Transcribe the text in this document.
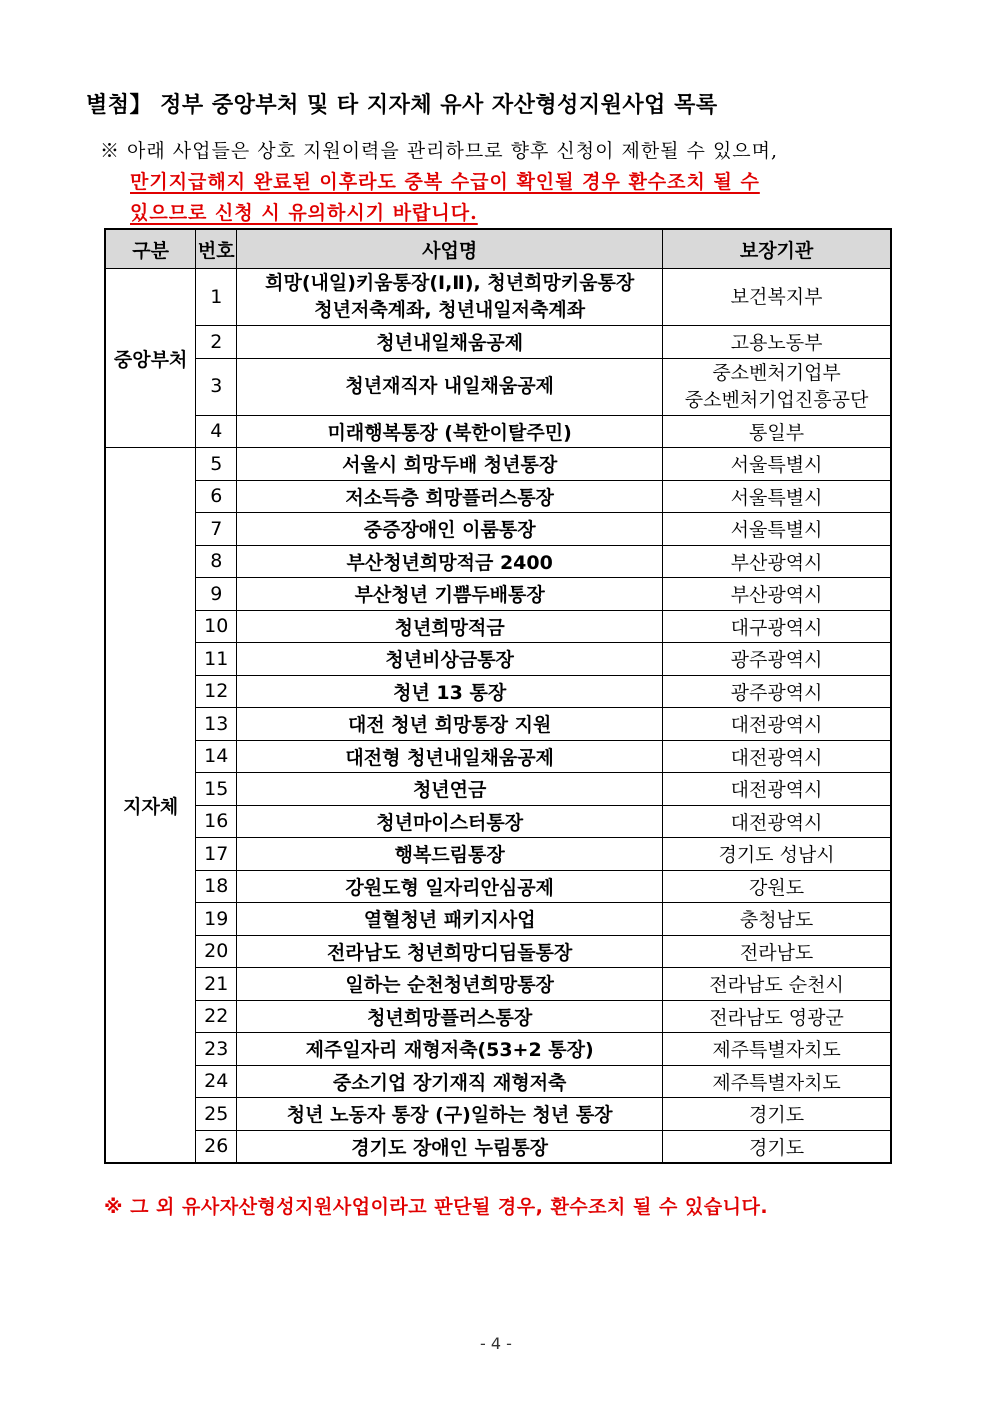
별첨】 정부 중앙부처 및 타 지자체 유사 자산형성지원사업 목록
※ 아래 사업들은 상호 지원이력을 관리하므로 향후 신청이 제한될 수 있으며,
만기지급해지 완료된 이후라도 중복 수급이 확인될 경우 환수조치 될 수
있으므로 신청 시 유의하시기 바랍니다.
구분	번호	사업명	보장기관
중앙부처	1	희망(내일)키움통장(Ⅰ,Ⅱ), 청년희망키움통장
청년저축계좌, 청년내일저축계좌	보건복지부

	2	청년내일채움공제	고용노동부

	3	청년재직자 내일채움공제	중소벤처기업부
중소벤처기업진흥공단

	4	미래행복통장 (북한이탈주민)	통일부

지자체	5	서울시 희망두배 청년통장	서울특별시

	6	저소득층 희망플러스통장	서울특별시

	7	중증장애인 이룸통장	서울특별시

	8	부산청년희망적금 2400	부산광역시

	9	부산청년 기쁨두배통장	부산광역시

	10	청년희망적금	대구광역시

	11	청년비상금통장	광주광역시

	12	청년 13 통장	광주광역시

	13	대전 청년 희망통장 지원	대전광역시

	14	대전형 청년내일채움공제	대전광역시

	15	청년연금	대전광역시

	16	청년마이스터통장	대전광역시

	17	행복드림통장	경기도 성남시

	18	강원도형 일자리안심공제	강원도

	19	열혈청년 패키지사업	충청남도

	20	전라남도 청년희망디딤돌통장	전라남도

	21	일하는 순천청년희망통장	전라남도 순천시

	22	청년희망플러스통장	전라남도 영광군

	23	제주일자리 재형저축(53+2 통장)	제주특별자치도

	24	중소기업 장기재직 재형저축	제주특별자치도

	25	청년 노동자 통장 (구)일하는 청년 통장	경기도

	26	경기도 장애인 누림통장	경기도
※ 그 외 유사자산형성지원사업이라고 판단될 경우, 환수조치 될 수 있습니다.
- 4 -
